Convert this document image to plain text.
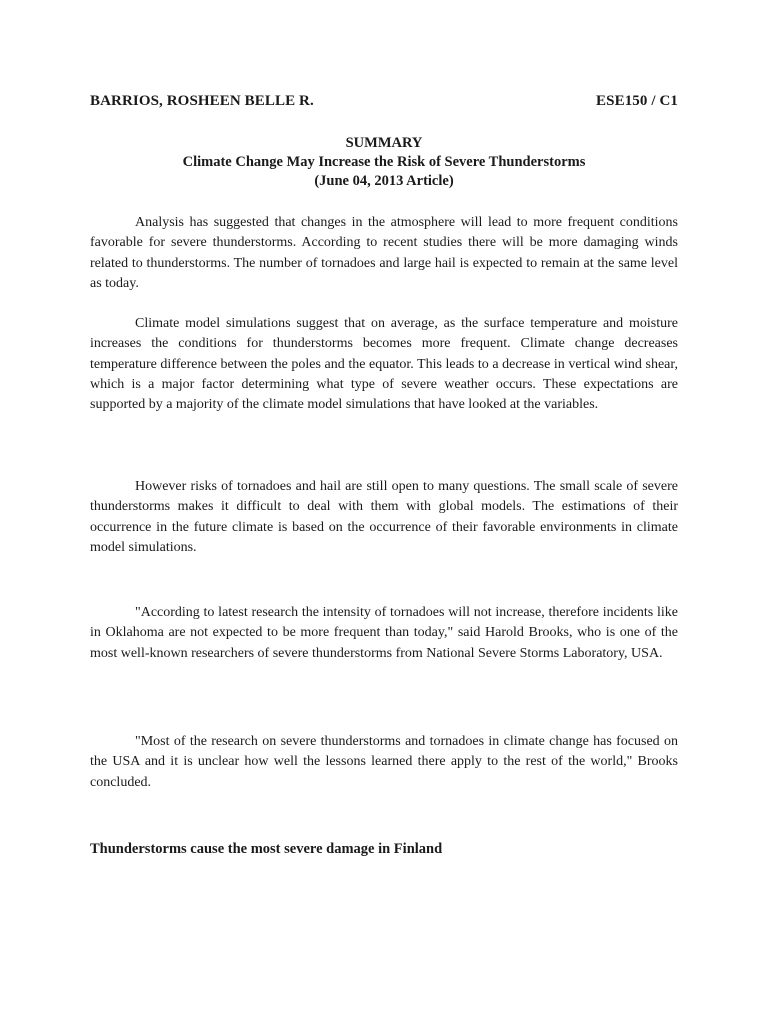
BARRIOS, ROSHEEN BELLE R.	ESE150 / C1
SUMMARY
Climate Change May Increase the Risk of Severe Thunderstorms
(June 04, 2013 Article)

Analysis has suggested that changes in the atmosphere will lead to more frequent conditions favorable for severe thunderstorms. According to recent studies there will be more damaging winds related to thunderstorms. The number of tornadoes and large hail is expected to remain at the same level as today.

Climate model simulations suggest that on average, as the surface temperature and moisture increases the conditions for thunderstorms becomes more frequent. Climate change decreases temperature difference between the poles and the equator. This leads to a decrease in vertical wind shear, which is a major factor determining what type of severe weather occurs. These expectations are supported by a majority of the climate model simulations that have looked at the variables.

However risks of tornadoes and hail are still open to many questions. The small scale of severe thunderstorms makes it difficult to deal with them with global models. The estimations of their occurrence in the future climate is based on the occurrence of their favorable environments in climate model simulations.

"According to latest research the intensity of tornadoes will not increase, therefore incidents like in Oklahoma are not expected to be more frequent than today," said Harold Brooks, who is one of the most well-known researchers of severe thunderstorms from National Severe Storms Laboratory, USA.

"Most of the research on severe thunderstorms and tornadoes in climate change has focused on the USA and it is unclear how well the lessons learned there apply to the rest of the world," Brooks concluded.

Thunderstorms cause the most severe damage in Finland
